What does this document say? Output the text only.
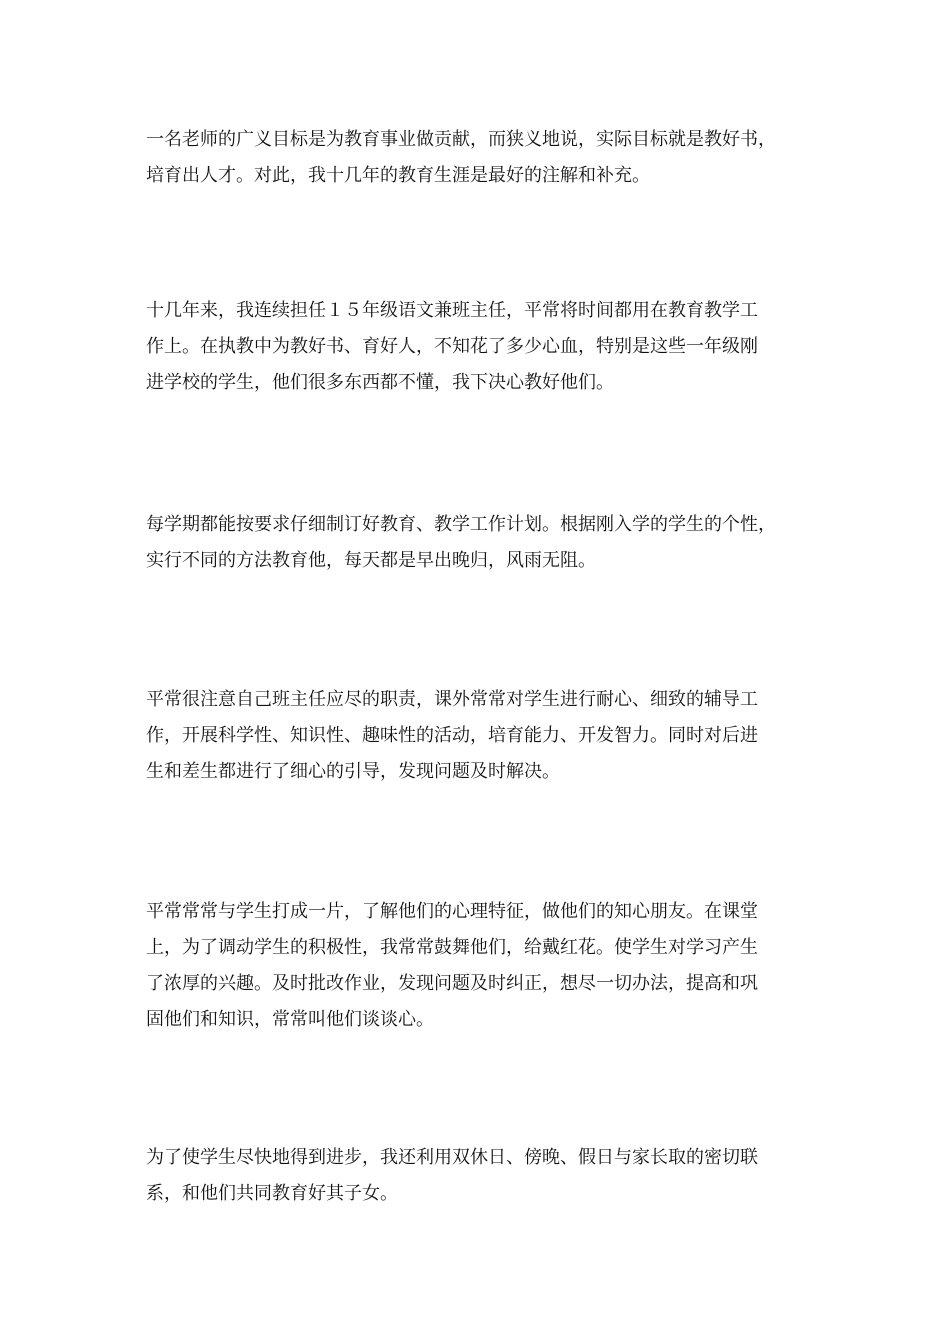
一名老师的广义目标是为教育事业做贡献，而狭义地说，实际目标就是教好书，
培育出人才。对此，我十几年的教育生涯是最好的注解和补充。

十几年来，我连续担任１５年级语文兼班主任，平常将时间都用在教育教学工
作上。在执教中为教好书、育好人，不知花了多少心血，特别是这些一年级刚
进学校的学生，他们很多东西都不懂，我下决心教好他们。

每学期都能按要求仔细制订好教育、教学工作计划。根据刚入学的学生的个性，
实行不同的方法教育他，每天都是早出晚归，风雨无阻。

平常很注意自己班主任应尽的职责，课外常常对学生进行耐心、细致的辅导工
作，开展科学性、知识性、趣味性的活动，培育能力、开发智力。同时对后进
生和差生都进行了细心的引导，发现问题及时解决。

平常常常与学生打成一片，了解他们的心理特征，做他们的知心朋友。在课堂
上，为了调动学生的积极性，我常常鼓舞他们，给戴红花。使学生对学习产生
了浓厚的兴趣。及时批改作业，发现问题及时纠正，想尽一切办法，提高和巩
固他们和知识，常常叫他们谈谈心。

为了使学生尽快地得到进步，我还利用双休日、傍晚、假日与家长取的密切联
系，和他们共同教育好其子女。
